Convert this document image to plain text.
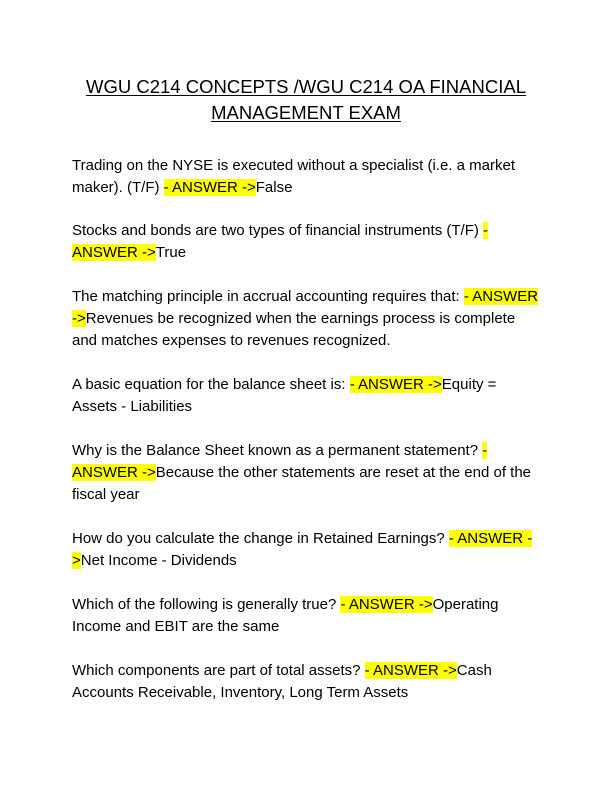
WGU C214 CONCEPTS /WGU C214 OA FINANCIAL MANAGEMENT EXAM

Trading on the NYSE is executed without a specialist (i.e. a market maker). (T/F) - ANSWER ->False

Stocks and bonds are two types of financial instruments (T/F) - ANSWER ->True

The matching principle in accrual accounting requires that: - ANSWER ->Revenues be recognized when the earnings process is complete and matches expenses to revenues recognized.

A basic equation for the balance sheet is: - ANSWER ->Equity = Assets - Liabilities

Why is the Balance Sheet known as a permanent statement? - ANSWER ->Because the other statements are reset at the end of the fiscal year

How do you calculate the change in Retained Earnings? - ANSWER ->Net Income - Dividends

Which of the following is generally true? - ANSWER ->Operating Income and EBIT are the same

Which components are part of total assets? - ANSWER ->Cash Accounts Receivable, Inventory, Long Term Assets
